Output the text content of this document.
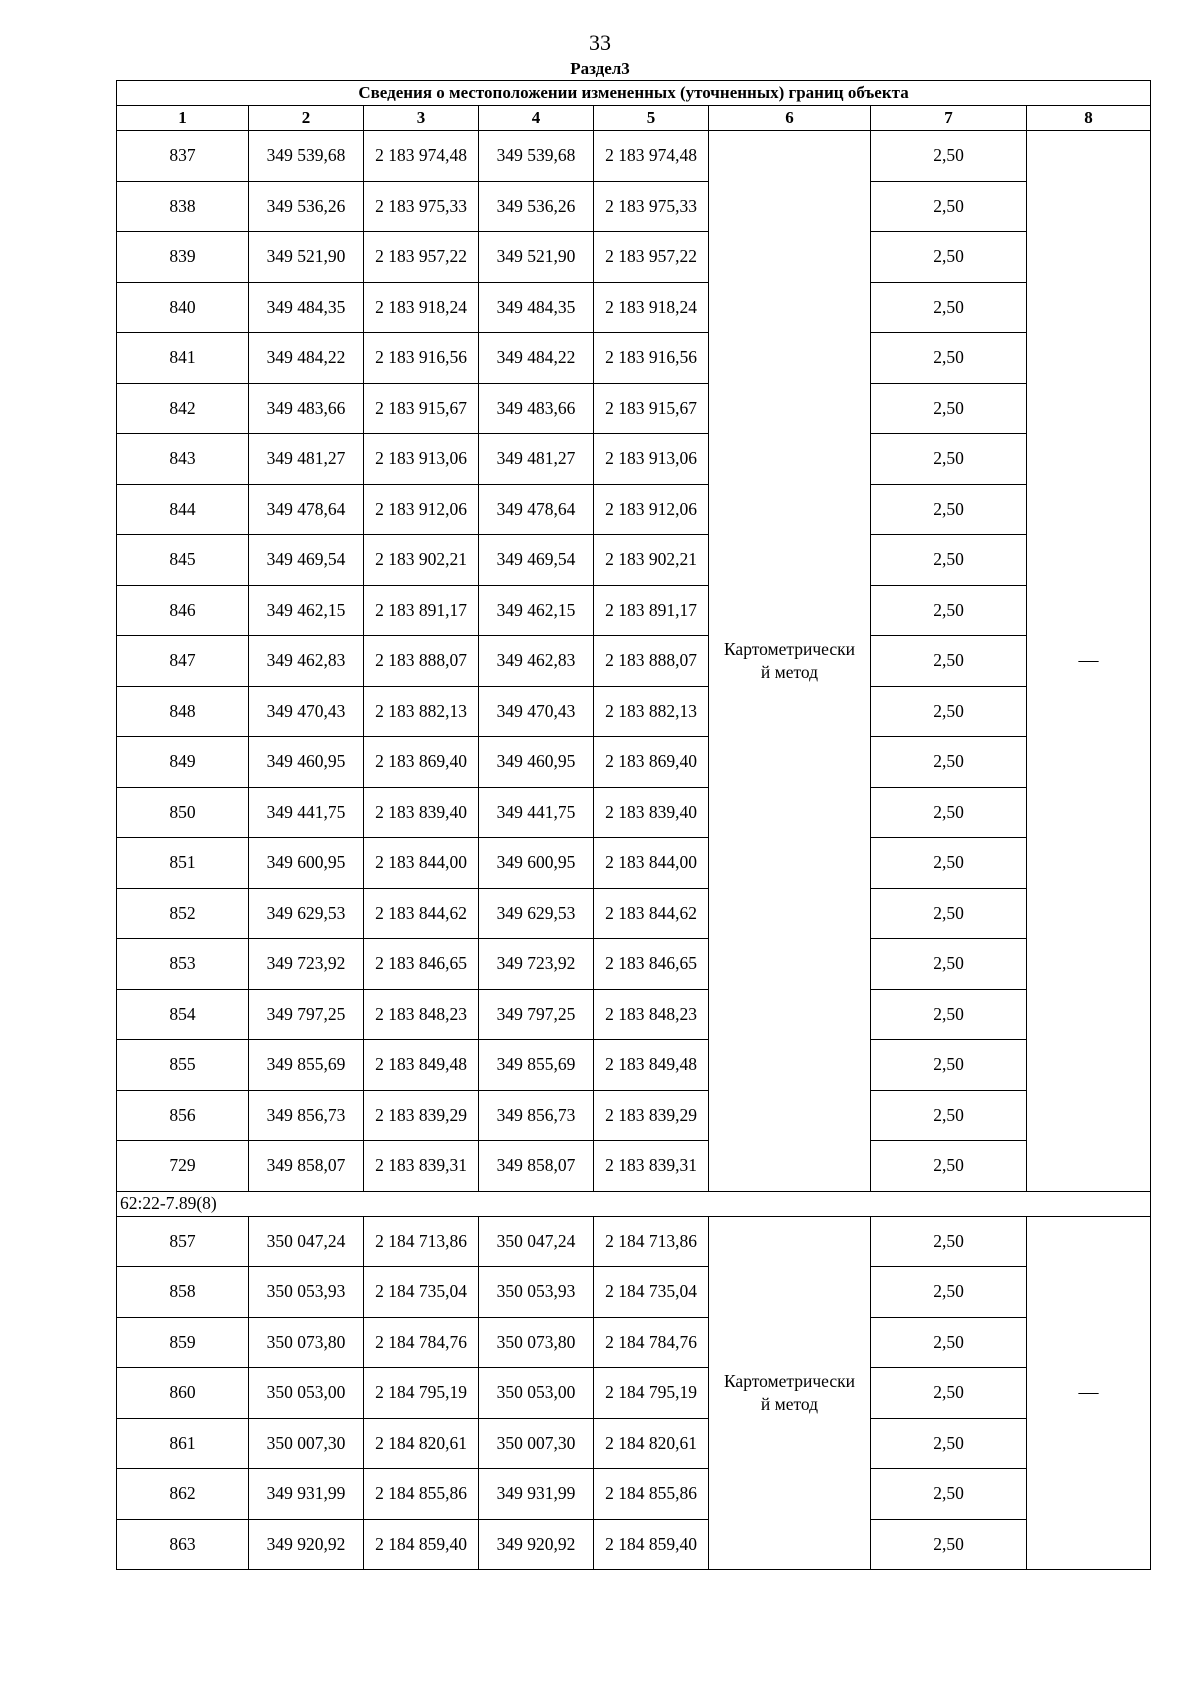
33
Раздел3
Сведения о местоположении измененных (уточненных) границ объекта							
1	2	3	4	5	6	7	8
837	349 539,68	2 183 974,48	349 539,68	2 183 974,48	Картометрически
й метод	2,50	—
838	349 536,26	2 183 975,33	349 536,26	2 183 975,33		2,50	
839	349 521,90	2 183 957,22	349 521,90	2 183 957,22		2,50	
840	349 484,35	2 183 918,24	349 484,35	2 183 918,24		2,50	
841	349 484,22	2 183 916,56	349 484,22	2 183 916,56		2,50	
842	349 483,66	2 183 915,67	349 483,66	2 183 915,67		2,50	
843	349 481,27	2 183 913,06	349 481,27	2 183 913,06		2,50	
844	349 478,64	2 183 912,06	349 478,64	2 183 912,06		2,50	
845	349 469,54	2 183 902,21	349 469,54	2 183 902,21		2,50	
846	349 462,15	2 183 891,17	349 462,15	2 183 891,17		2,50	
847	349 462,83	2 183 888,07	349 462,83	2 183 888,07		2,50	
848	349 470,43	2 183 882,13	349 470,43	2 183 882,13		2,50	
849	349 460,95	2 183 869,40	349 460,95	2 183 869,40		2,50	
850	349 441,75	2 183 839,40	349 441,75	2 183 839,40		2,50	
851	349 600,95	2 183 844,00	349 600,95	2 183 844,00		2,50	
852	349 629,53	2 183 844,62	349 629,53	2 183 844,62		2,50	
853	349 723,92	2 183 846,65	349 723,92	2 183 846,65		2,50	
854	349 797,25	2 183 848,23	349 797,25	2 183 848,23		2,50	
855	349 855,69	2 183 849,48	349 855,69	2 183 849,48		2,50	
856	349 856,73	2 183 839,29	349 856,73	2 183 839,29		2,50	
729	349 858,07	2 183 839,31	349 858,07	2 183 839,31		2,50	
62:22-7.89(8)							
857	350 047,24	2 184 713,86	350 047,24	2 184 713,86	Картометрически
й метод	2,50	—
858	350 053,93	2 184 735,04	350 053,93	2 184 735,04		2,50	
859	350 073,80	2 184 784,76	350 073,80	2 184 784,76		2,50	
860	350 053,00	2 184 795,19	350 053,00	2 184 795,19		2,50	
861	350 007,30	2 184 820,61	350 007,30	2 184 820,61		2,50	
862	349 931,99	2 184 855,86	349 931,99	2 184 855,86		2,50	
863	349 920,92	2 184 859,40	349 920,92	2 184 859,40		2,50	
